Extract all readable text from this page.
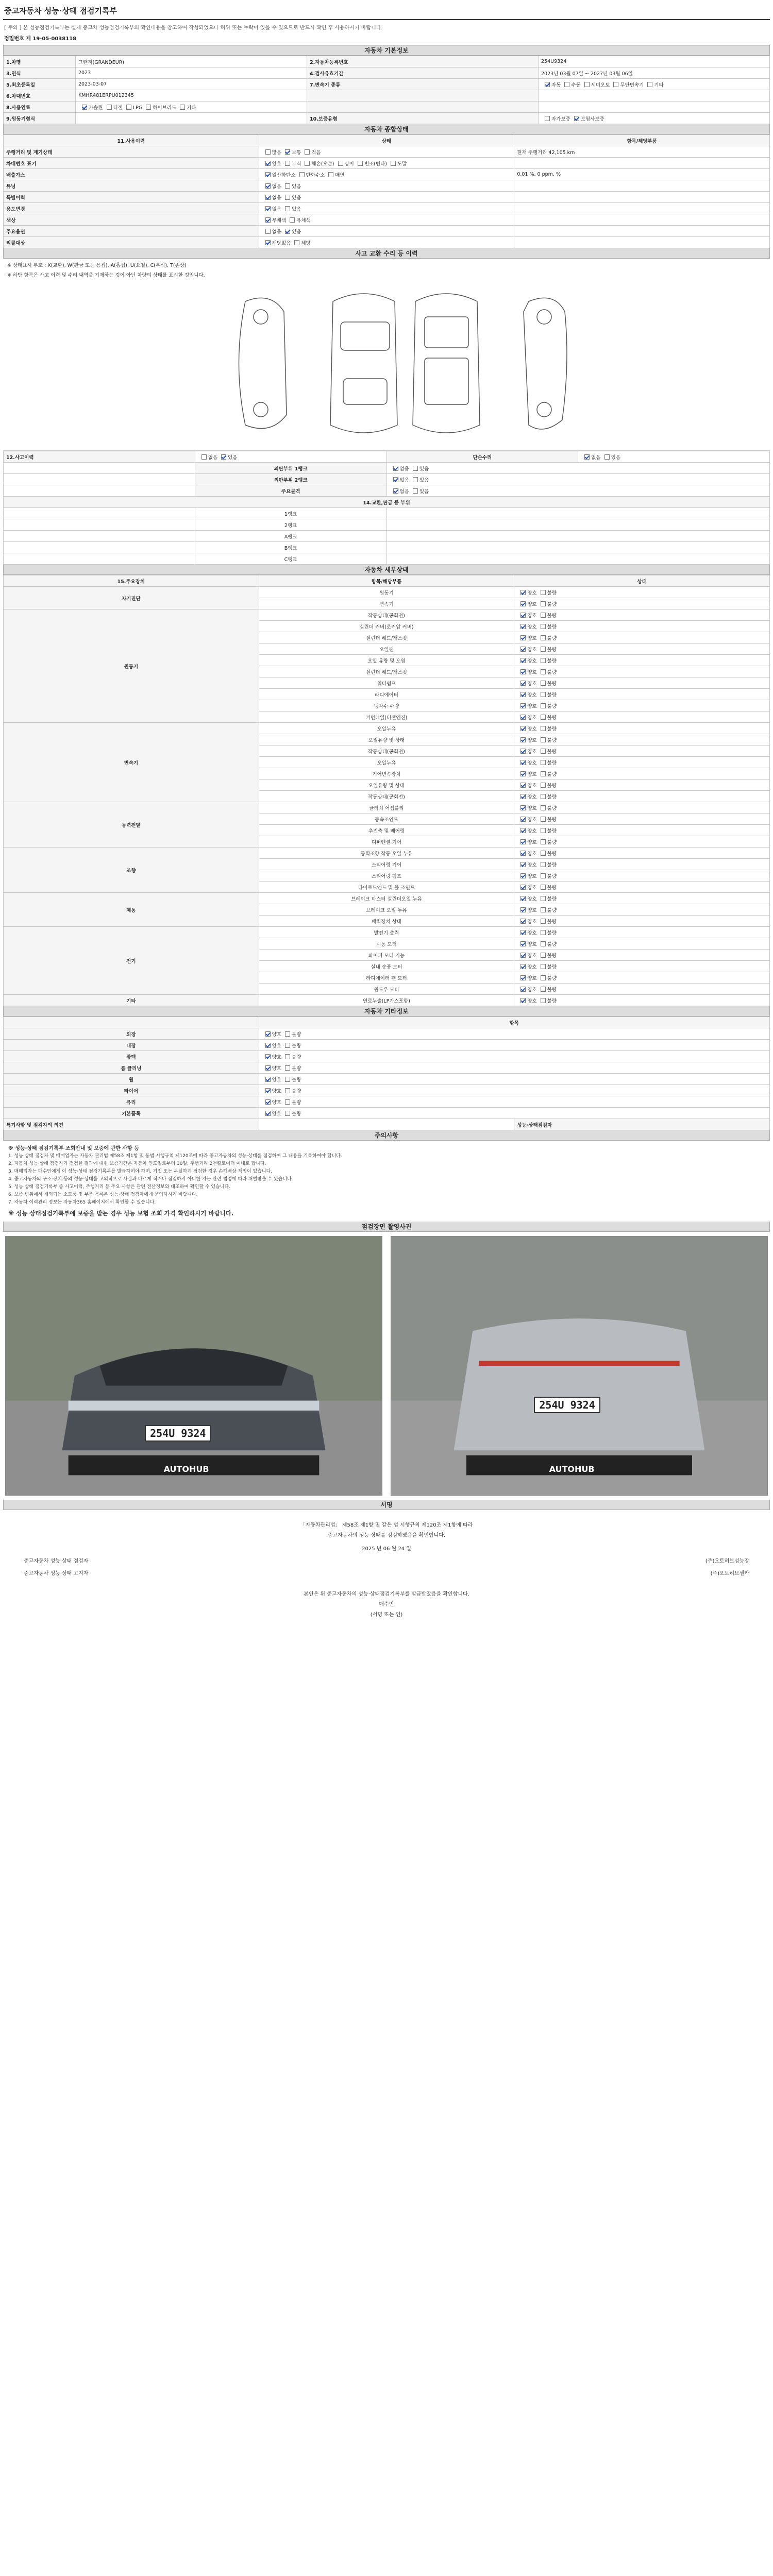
중고자동차 성능·상태 점검기록부
[ 주의 ] 본 성능점검기록부는 실제 중고차 성능점검기록부의 확인내용을 참고하여 작성되었으나 허위 또는 누락이 있을 수 있으므로 반드시 확인 후 사용하시기 바랍니다.
정밀번호 제 19-05-0038118
자동차 기본정보
1.차명	그랜저(GRANDEUR)	2.자동차등록번호	254U9324
3.연식	2023	4.검사유효기간	2023년 03월 07일 ~ 2027년 03월 06일
5.최초등록일	2023-03-07	7.변속기 종류	자동 수동 세미오토 무단변속기 기타
6.차대번호	KMHR481ERPU012345		
8.사용연료	가솔린 디젤 LPG 하이브리드 기타		
9.원동기형식		10.보증유형	자가보증 보험사보증
자동차 종합상태
11.사용이력	상태	항목/해당부품
주행거리 및 계기상태	많음 보통 적음	현재 주행거리 42,105 km
차대번호 표기	양호 부식 훼손(오손) 상이 변조(변타) 도말	
배출가스	일산화탄소 탄화수소 매연	0.01 %, 0 ppm, %
튜닝	없음 있음	
특별이력	없음 있음	
용도변경	없음 있음	
색상	무채색 유채색	
주요옵션	없음 있음	
리콜대상	해당없음 해당	
사고 교환 수리 등 이력
※ 상태표시 부호 : X(교환), W(판금 또는 용접), A(흠집), U(요철), C(부식), T(손상)
※ 하단 항목은 사고 이력 및 수리 내역을 기재하는 것이 아닌 차량의 상태를 표시한 것입니다.
12.사고이력	없음 있음	단순수리	없음 있음
	외판부위 1랭크	없음 있음	
	외판부위 2랭크	없음 있음	
	주요골격	없음 있음	
14.교환,판금 등 부위			
	1랭크		
	2랭크		
	A랭크		
	B랭크		
	C랭크		
자동차 세부상태
15.주요장치	항목/해당부품	상태
자기진단	원동기	양호 불량
	변속기	양호 불량
원동기	작동상태(공회전)	양호 불량
	실린더 커버(로커암 커버)	양호 불량
	실린더 헤드/개스킷	양호 불량
	오일팬	양호 불량
	오일 유량 및 오염	양호 불량
	실린더 헤드/개스킷	양호 불량
	워터펌프	양호 불량
	라디에이터	양호 불량
	냉각수 수량	양호 불량
	커먼레일(디젤엔진)	양호 불량
변속기	오일누유	양호 불량
	오일유량 및 상태	양호 불량
	작동상태(공회전)	양호 불량
	오일누유	양호 불량
	기어변속장치	양호 불량
	오일유량 및 상태	양호 불량
	작동상태(공회전)	양호 불량
동력전달	클러치 어셈블리	양호 불량
	등속조인트	양호 불량
	추진축 및 베어링	양호 불량
	디퍼렌셜 기어	양호 불량
조향	동력조향 작동 오일 누유	양호 불량
	스티어링 기어	양호 불량
	스티어링 펌프	양호 불량
	타이로드엔드 및 볼 조인트	양호 불량
제동	브레이크 마스터 실린더오일 누유	양호 불량
	브레이크 오일 누유	양호 불량
	배력장치 상태	양호 불량
전기	발전기 출력	양호 불량
	시동 모터	양호 불량
	와이퍼 모터 기능	양호 불량
	실내 송풍 모터	양호 불량
	라디에이터 팬 모터	양호 불량
	윈도우 모터	양호 불량
기타	연료누출(LP가스포함)	양호 불량
자동차 기타정보
	항목	
외장	양호 불량	
내장	양호 불량	
광택	양호 불량	
룸 클리닝	양호 불량	
휠	양호 불량	
타이어	양호 불량	
유리	양호 불량	
기본품목	양호 불량	
특기사항 및 점검자의 의견		성능·상태점검자
주의사항

※ 성능·상태 점검기록부 조회안내 및 보증에 관한 사항 등

1. 성능·상태 점검자 및 매매업자는 자동차 관리법 제58조 제1항 및 동법 시행규칙 제120조에 따라 중고자동차의 성능·상태를 점검하여 그 내용을 기록하여야 합니다.

2. 자동차 성능·상태 점검자가 점검한 결과에 대한 보증기간은 자동차 인도일로부터 30일, 주행거리 2천킬로미터 이내로 합니다.

3. 매매업자는 매수인에게 이 성능·상태 점검기록부를 발급하여야 하며, 거짓 또는 부실하게 점검한 경우 손해배상 책임이 있습니다.

4. 중고자동차의 구조·장치 등의 성능·상태를 고의적으로 사실과 다르게 적거나 점검하지 아니한 자는 관련 법령에 따라 처벌받을 수 있습니다.

5. 성능·상태 점검기록부 중 사고이력, 주행거리 등 주요 사항은 관련 전산정보와 대조하여 확인할 수 있습니다.

6. 보증 범위에서 제외되는 소모품 및 부품 목록은 성능·상태 점검자에게 문의하시기 바랍니다.

7. 자동차 이력관리 정보는 자동차365 홈페이지에서 확인할 수 있습니다.

※ 성능 상태점검기록부에 보증을 받는 경우 성능 보험 조회 가격 확인하시기 바랍니다.

점검장면 촬영사진
254U 9324
AUTOHUB
254U 9324
AUTOHUB
서명
「자동차관리법」 제58조 제1항 및 같은 법 시행규칙 제120조 제1항에 따라
중고자동차의 성능·상태를 점검하였음을 확인합니다.
2025 년 06 월 24 일
중고자동차 성능·상태 점검자	(주)오토허브성능장
중고자동차 성능·상태 고지자	(주)오토허브셀카
본인은 위 중고자동차의 성능·상태점검기록부를 발급받았음을 확인합니다.
매수인
(서명 또는 인)
